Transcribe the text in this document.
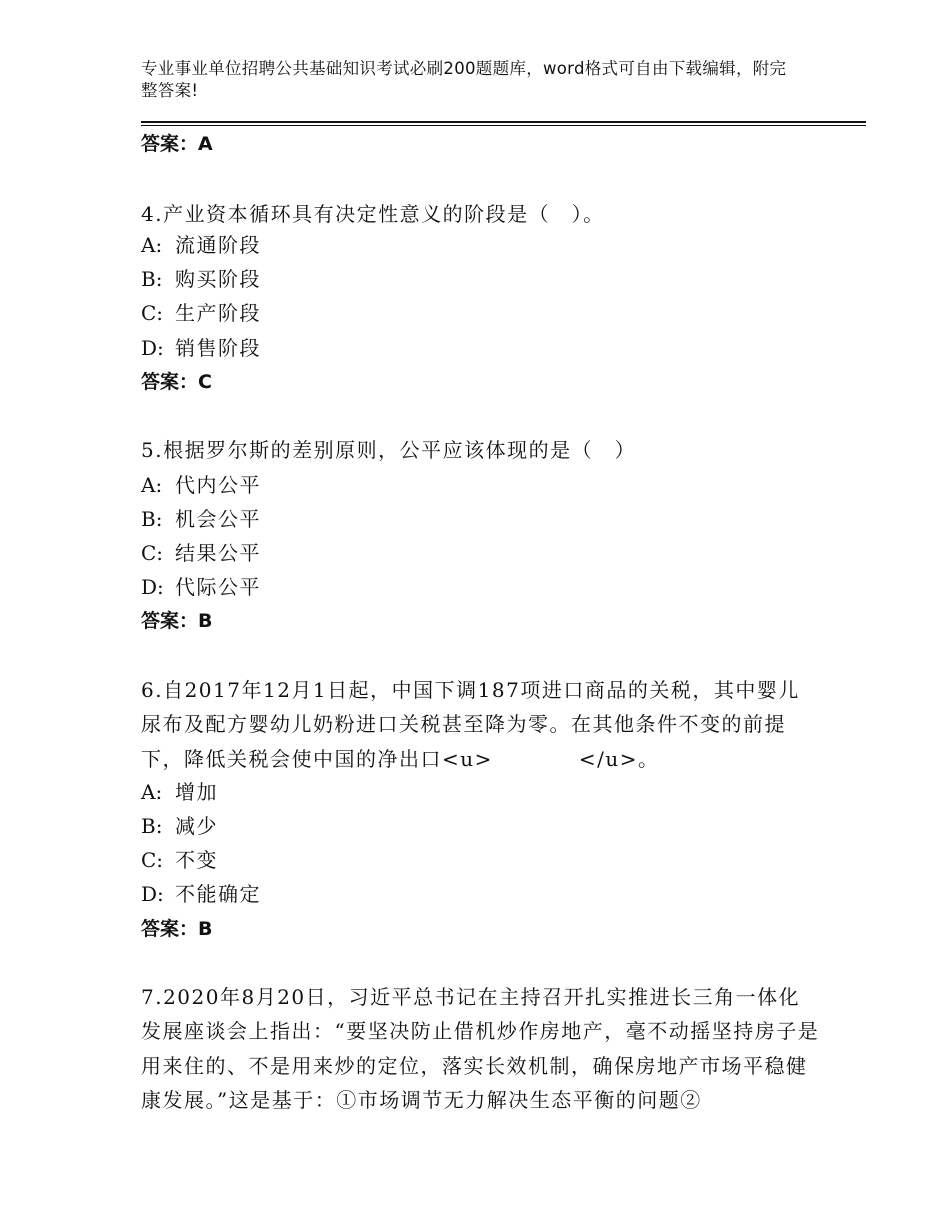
专业事业单位招聘公共基础知识考试必刷200题题库，word格式可自由下载编辑，附完整答案!
答案：A
4.产业资本循环具有决定性意义的阶段是（　）。
A: 流通阶段
B: 购买阶段
C: 生产阶段
D: 销售阶段
答案：C
5.根据罗尔斯的差别原则，公平应该体现的是（　）
A: 代内公平
B: 机会公平
C: 结果公平
D: 代际公平
答案：B
6.自2017年12月1日起，中国下调187项进口商品的关税，其中婴儿尿布及配方婴幼儿奶粉进口关税甚至降为零。在其他条件不变的前提下，降低关税会使中国的净出口<u>　　　　</u>。
A: 增加
B: 减少
C: 不变
D: 不能确定
答案：B
7.2020年8月20日，习近平总书记在主持召开扎实推进长三角一体化发展座谈会上指出：“要坚决防止借机炒作房地产，毫不动摇坚持房子是用来住的、不是用来炒的定位，落实长效机制，确保房地产市场平稳健康发展。”这是基于：①市场调节无力解决生态平衡的问题②
